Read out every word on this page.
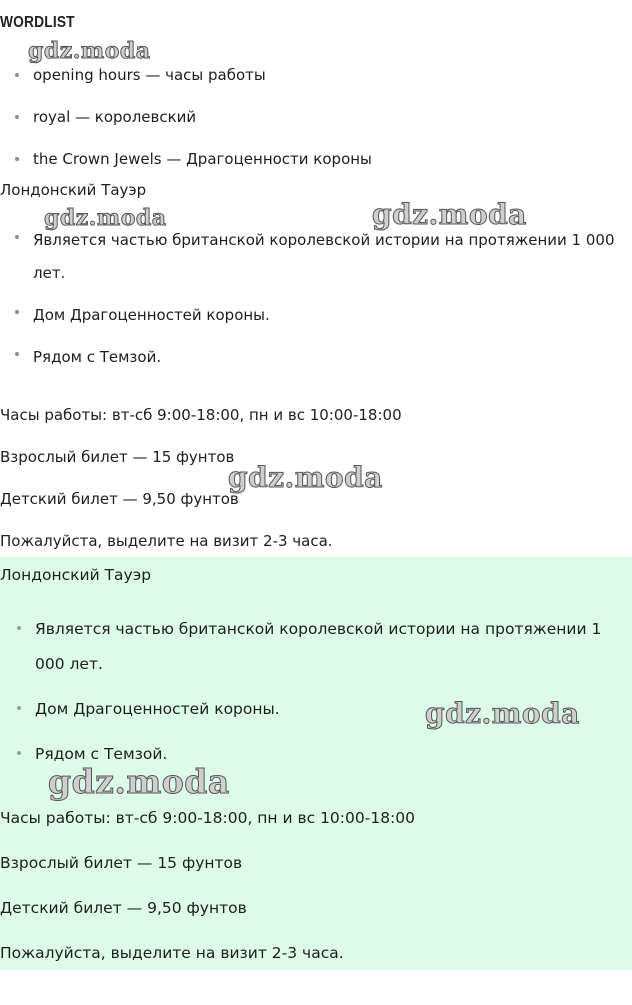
WORDLIST
opening hours — часы работы
royal — королевский
the Crown Jewels — Драгоценности короны

Лондонский Тауэр

Является частью британской королевской истории на протяжении 1 000 лет.
Дом Драгоценностей короны.
Рядом с Темзой.

Часы работы: вт-сб 9:00-18:00, пн и вс 10:00-18:00

Взрослый билет — 15 фунтов

Детский билет — 9,50 фунтов

Пожалуйста, выделите на визит 2-3 часа.

Лондонский Тауэр

Является частью британской королевской истории на протяжении 1 000 лет.
Дом Драгоценностей короны.
Рядом с Темзой.

Часы работы: вт-сб 9:00-18:00, пн и вс 10:00-18:00

Взрослый билет — 15 фунтов

Детский билет — 9,50 фунтов

Пожалуйста, выделите на визит 2-3 часа.

gdz.moda
gdz.moda	gdz.moda
gdz.moda
gdz.moda
gdz.moda
